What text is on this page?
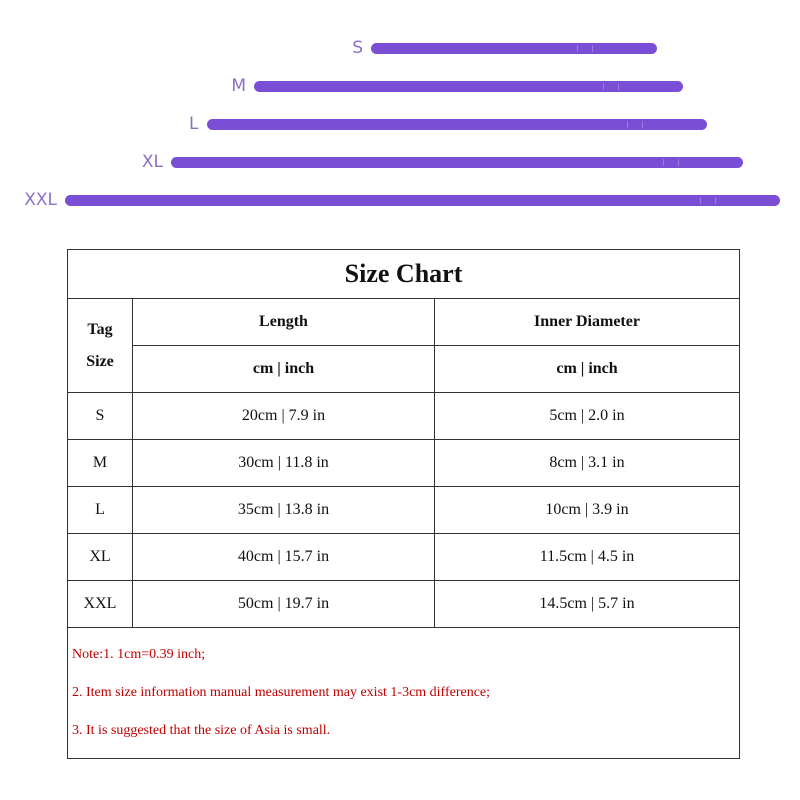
S
M
L
XL
XXL
Size Chart		

Tag
Size	Length	Inner Diameter
	cm | inch	cm | inch
S	20cm | 7.9 in	5cm | 2.0 in
M	30cm | 11.8 in	8cm | 3.1 in
L	35cm | 13.8 in	10cm | 3.9 in
XL	40cm | 15.7 in	11.5cm | 4.5 in
XXL	50cm | 19.7 in	14.5cm | 5.7 in

Note:1. 1cm=0.39 inch;
2. Item size information manual measurement may exist 1-3cm difference;
3. It is suggested that the size of Asia is small.		
